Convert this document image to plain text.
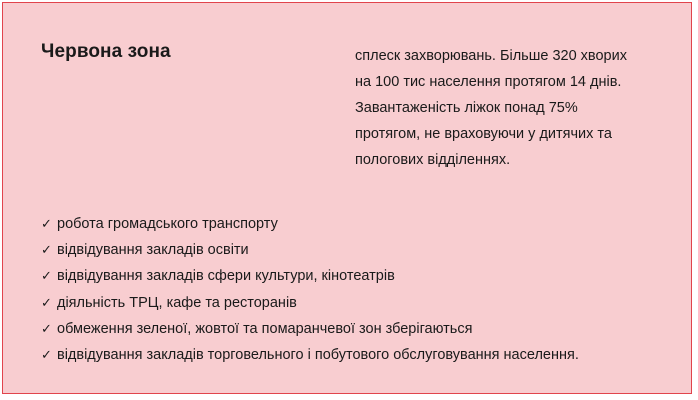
Червона зона	сплеск захворювань. Більше 320 хворих
на 100 тис населення протягом 14 днів.
Завантаженість ліжок понад 75%
протягом, не враховуючи у дитячих та
пологових відділеннях.
✓ робота громадського транспорту
✓ відвідування закладів освіти
✓ відвідування закладів сфери культури, кінотеатрів
✓ діяльність ТРЦ, кафе та ресторанів
✓ обмеження зеленої, жовтої та помаранчевої зон зберігаються
✓ відвідування закладів торговельного і побутового обслуговування населення.
